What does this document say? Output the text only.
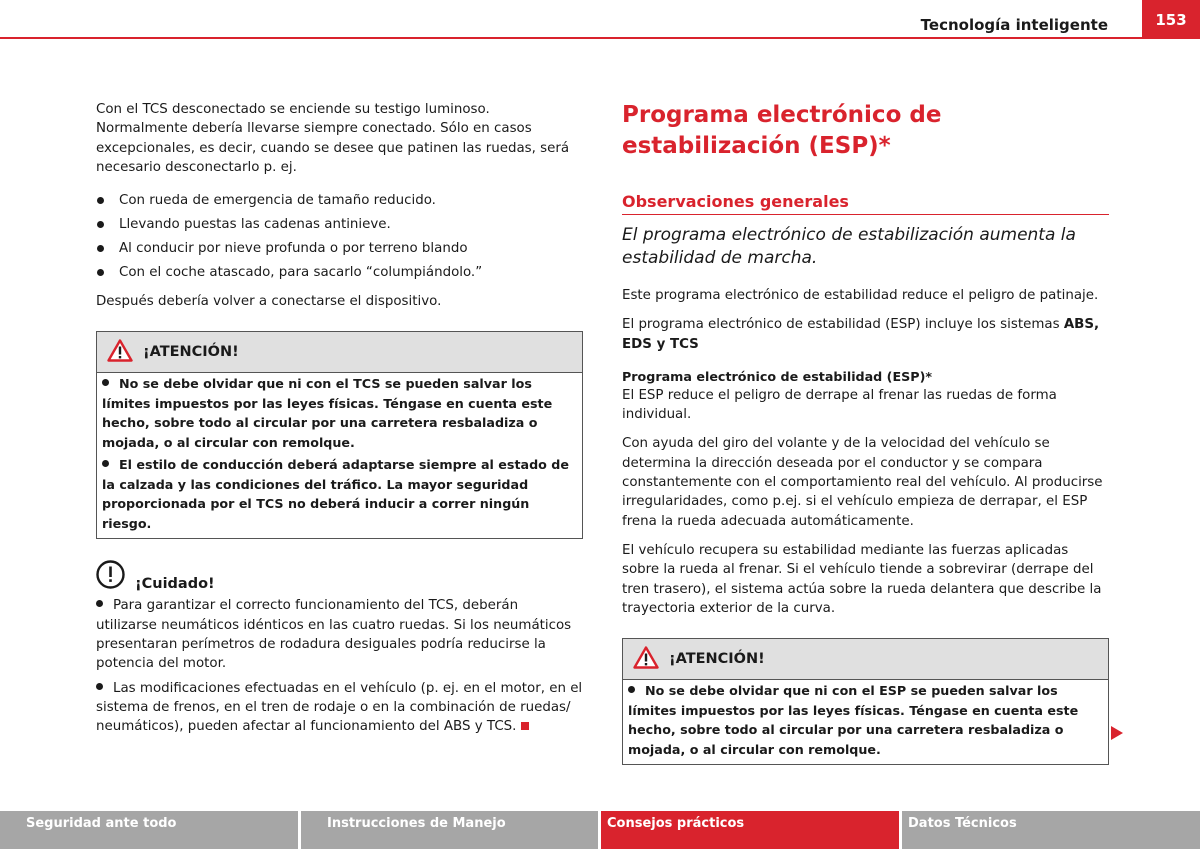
Tecnología inteligente	153

Con el TCS desconectado se enciende su testigo luminoso. Normalmente debería llevarse siempre conectado. Sólo en casos excepcionales, es decir, cuando se desee que patinen las ruedas, será necesario desconectarlo p. ej.

Con rueda de emergencia de tamaño reducido.
Llevando puestas las cadenas antinieve.
Al conducir por nieve profunda o por terreno blando
Con el coche atascado, para sacarlo “columpiándolo.”

Después debería volver a conectarse el dispositivo.

¡ATENCIÓN!

No se debe olvidar que ni con el TCS se pueden salvar los límites impuestos por las leyes físicas. Téngase en cuenta este hecho, sobre todo al circular por una carretera resbaladiza o mojada, o al circular con remolque.

El estilo de conducción deberá adaptarse siempre al estado de la calzada y las condiciones del tráfico. La mayor seguridad proporcionada por el TCS no deberá inducir a correr ningún riesgo.

¡Cuidado!

Para garantizar el correcto funcionamiento del TCS, deberán utilizarse neumáticos idénticos en las cuatro ruedas. Si los neumáticos presentaran perímetros de rodadura desiguales podría reducirse la potencia del motor.

Las modificaciones efectuadas en el vehículo (p. ej. en el motor, en el sistema de frenos, en el tren de rodaje o en la combinación de ruedas/ neumáticos), pueden afectar al funcionamiento del ABS y TCS.

Programa electrónico de estabilización (ESP)*
Observaciones generales

El programa electrónico de estabilización aumenta la estabilidad de marcha.

Este programa electrónico de estabilidad reduce el peligro de patinaje.

El programa electrónico de estabilidad (ESP) incluye los sistemas ABS, EDS y TCS

Programa electrónico de estabilidad (ESP)*

El ESP reduce el peligro de derrape al frenar las ruedas de forma individual.

Con ayuda del giro del volante y de la velocidad del vehículo se determina la dirección deseada por el conductor y se compara constantemente con el comportamiento real del vehículo. Al producirse irregularidades, como p.ej. si el vehículo empieza de derrapar, el ESP frena la rueda adecuada automáticamente.

El vehículo recupera su estabilidad mediante las fuerzas aplicadas sobre la rueda al frenar. Si el vehículo tiende a sobrevirar (derrape del tren trasero), el sistema actúa sobre la rueda delantera que describe la trayectoria exterior de la curva.

¡ATENCIÓN!

No se debe olvidar que ni con el ESP se pueden salvar los límites impuestos por las leyes físicas. Téngase en cuenta este hecho, sobre todo al circular por una carretera resbaladiza o mojada, o al circular con remolque.

Seguridad ante todo	Instrucciones de Manejo	Consejos prácticos	Datos Técnicos
